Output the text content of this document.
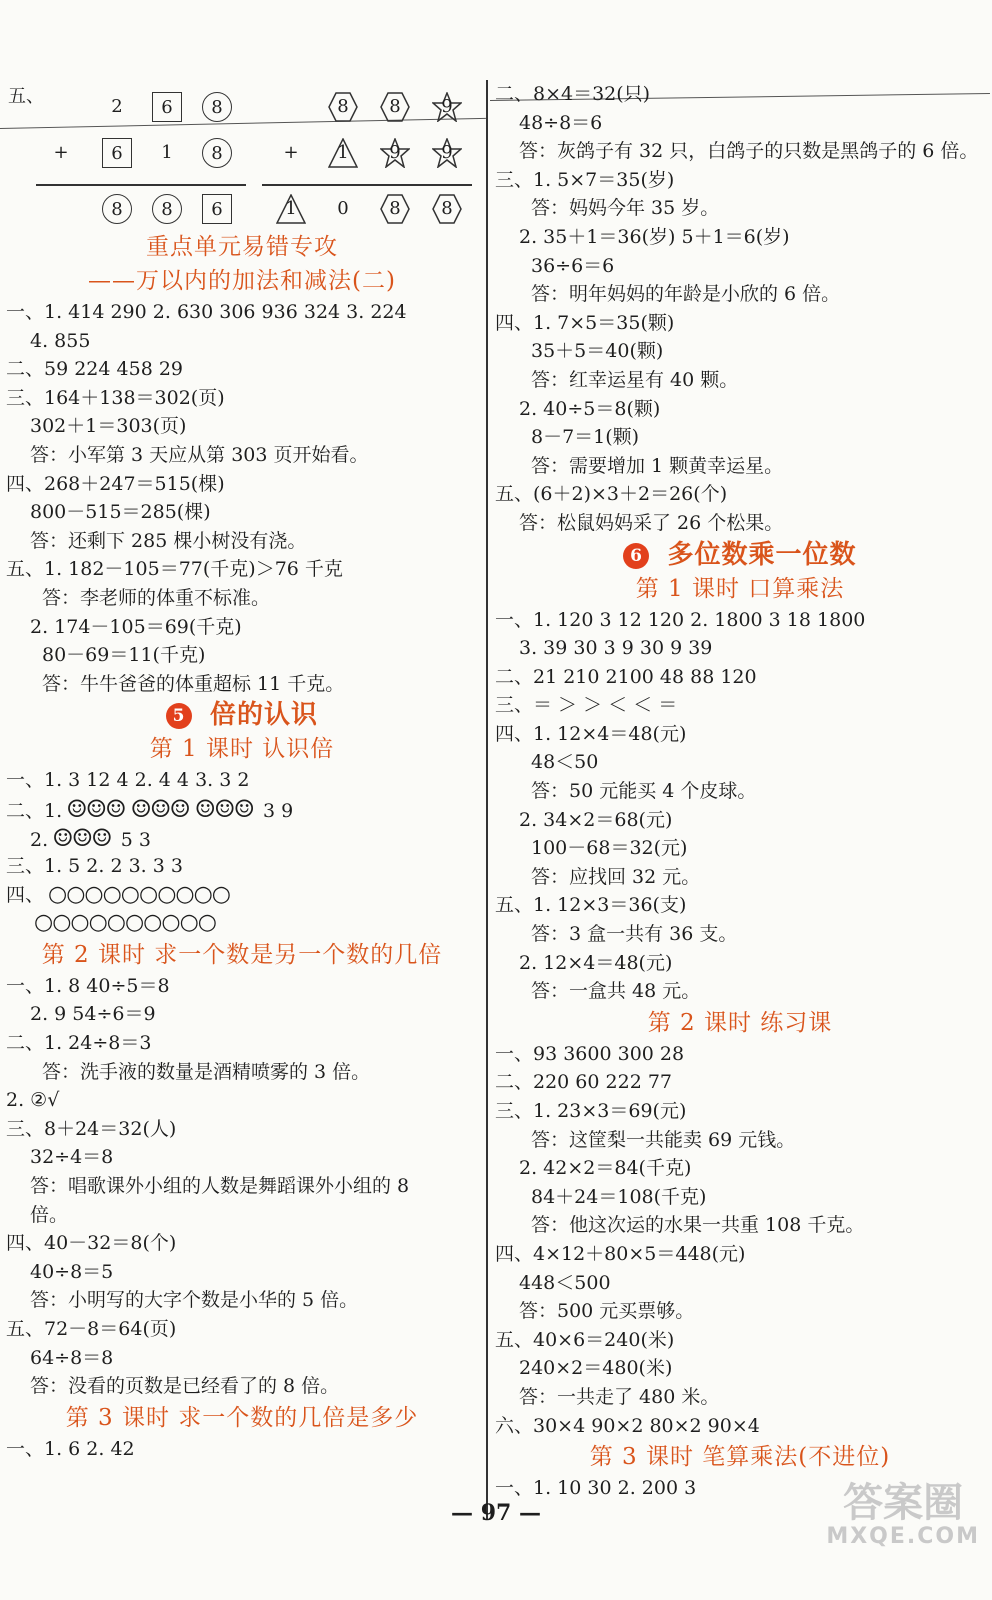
五、	2	6	8
+	6	1	8
8	8	6
8	8	9
+	1	9	9
1	0	8	8
重点单元易错专攻
——万以内的加法和减法(二)
一、1. 414 290 2. 630 306 936 324 3. 224
4. 855
二、59 224 458 29
三、164＋138＝302(页)
302＋1＝303(页)
答：小军第 3 天应从第 303 页开始看。
四、268＋247＝515(棵)
800－515＝285(棵)
答：还剩下 285 棵小树没有浇。
五、1. 182－105＝77(千克)＞76 千克
答：李老师的体重不标准。
2. 174－105＝69(千克)
80－69＝11(千克)
答：牛牛爸爸的体重超标 11 千克。
5 倍的认识
第 1 课时 认识倍
一、1. 3 12 4 2. 4 4 3. 3 2
二、1. ☺☺☺ ☺☺☺ ☺☺☺ 3 9
2. ☺☺☺ 5 3
三、1. 5 2. 2 3. 3 3
四、 ○○○○○○○○○○
○○○○○○○○○○
第 2 课时 求一个数是另一个数的几倍
一、1. 8 40÷5＝8
2. 9 54÷6＝9
二、1. 24÷8＝3
答：洗手液的数量是酒精喷雾的 3 倍。
2. ②√
三、8＋24＝32(人)
32÷4＝8
答：唱歌课外小组的人数是舞蹈课外小组的 8
倍。
四、40－32＝8(个)
40÷8＝5
答：小明写的大字个数是小华的 5 倍。
五、72－8＝64(页)
64÷8＝8
答：没看的页数是已经看了的 8 倍。
第 3 课时 求一个数的几倍是多少
一、1. 6 2. 42
二、8×4＝32(只)
48÷8＝6
答：灰鸽子有 32 只，白鸽子的只数是黑鸽子的 6 倍。
三、1. 5×7＝35(岁)
答：妈妈今年 35 岁。
2. 35＋1＝36(岁) 5＋1＝6(岁)
36÷6＝6
答：明年妈妈的年龄是小欣的 6 倍。
四、1. 7×5＝35(颗)
35＋5＝40(颗)
答：红幸运星有 40 颗。
2. 40÷5＝8(颗)
8－7＝1(颗)
答：需要增加 1 颗黄幸运星。
五、(6＋2)×3＋2＝26(个)
答：松鼠妈妈采了 26 个松果。
6 多位数乘一位数
第 1 课时 口算乘法
一、1. 120 3 12 120 2. 1800 3 18 1800
3. 39 30 3 9 30 9 39
二、21 210 2100 48 88 120
三、＝ ＞ ＞ ＜ ＜ ＝
四、1. 12×4＝48(元)
48＜50
答：50 元能买 4 个皮球。
2. 34×2＝68(元)
100－68＝32(元)
答：应找回 32 元。
五、1. 12×3＝36(支)
答：3 盒一共有 36 支。
2. 12×4＝48(元)
答：一盒共 48 元。
第 2 课时 练习课
一、93 3600 300 28
二、220 60 222 77
三、1. 23×3＝69(元)
答：这筐梨一共能卖 69 元钱。
2. 42×2＝84(千克)
84＋24＝108(千克)
答：他这次运的水果一共重 108 千克。
四、4×12＋80×5＝448(元)
448＜500
答：500 元买票够。
五、40×6＝240(米)
240×2＝480(米)
答：一共走了 480 米。
六、30×4 90×2 80×2 90×4
第 3 课时 笔算乘法(不进位)
一、1. 10 30 2. 200 3
— 97 —	答案圈
MXQE.COM
